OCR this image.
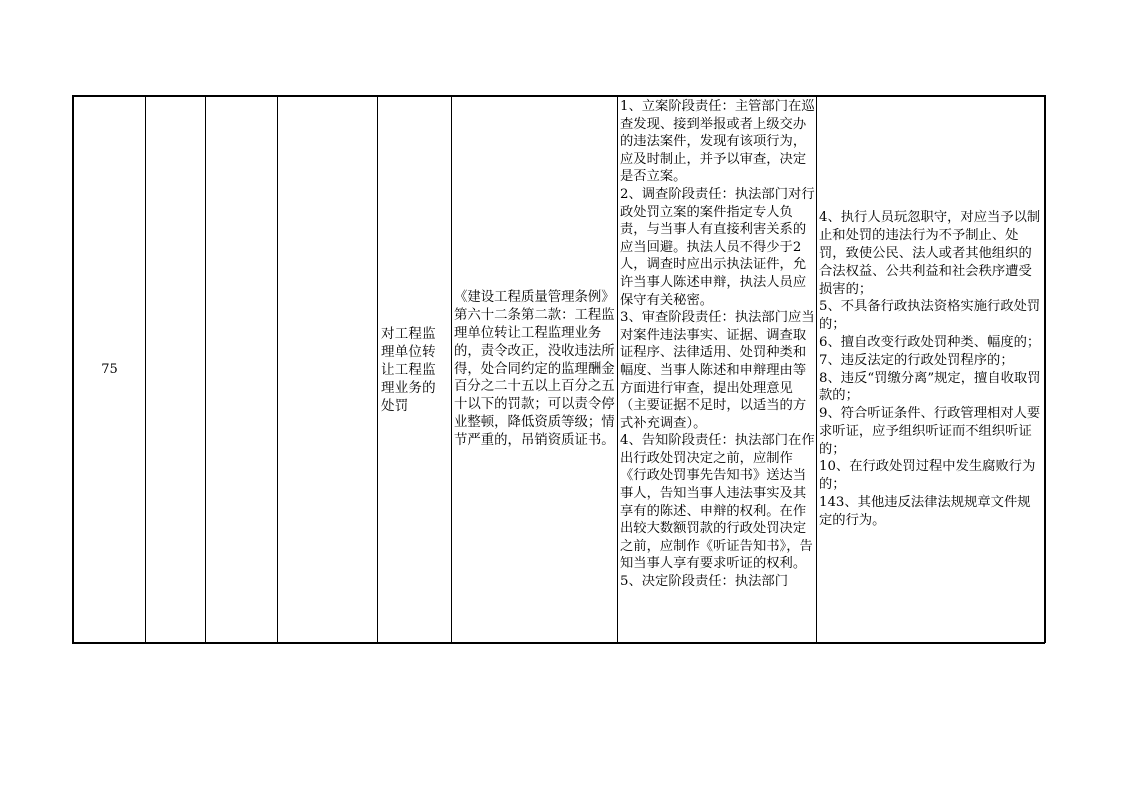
75
对工程监理单位转让工程监理业务的处罚
《建设工程质量管理条例》第六十二条第二款：工程监理单位转让工程监理业务的，责令改正，没收违法所得，处合同约定的监理酬金百分之二十五以上百分之五十以下的罚款；可以责令停业整顿，降低资质等级；情节严重的，吊销资质证书。
1、立案阶段责任：主管部门在巡查发现、接到举报或者上级交办的违法案件，发现有该项行为，应及时制止，并予以审查，决定是否立案。
2、调查阶段责任：执法部门对行政处罚立案的案件指定专人负责，与当事人有直接利害关系的应当回避。执法人员不得少于2人，调查时应出示执法证件，允许当事人陈述申辩，执法人员应保守有关秘密。
3、审查阶段责任：执法部门应当对案件违法事实、证据、调查取证程序、法律适用、处罚种类和幅度、当事人陈述和申辩理由等方面进行审查，提出处理意见（主要证据不足时，以适当的方式补充调查）。
4、告知阶段责任：执法部门在作出行政处罚决定之前，应制作《行政处罚事先告知书》送达当事人，告知当事人违法事实及其享有的陈述、申辩的权利。在作出较大数额罚款的行政处罚决定之前，应制作《听证告知书》，告知当事人享有要求听证的权利。
5、决定阶段责任：执法部门
4、执行人员玩忽职守，对应当予以制止和处罚的违法行为不予制止、处罚，致使公民、法人或者其他组织的合法权益、公共利益和社会秩序遭受损害的；
5、不具备行政执法资格实施行政处罚的；
6、擅自改变行政处罚种类、幅度的；
7、违反法定的行政处罚程序的；
8、违反“罚缴分离”规定，擅自收取罚款的；
9、符合听证条件、行政管理相对人要求听证，应予组织听证而不组织听证的；
10、在行政处罚过程中发生腐败行为的；
143、其他违反法律法规规章文件规定的行为。
